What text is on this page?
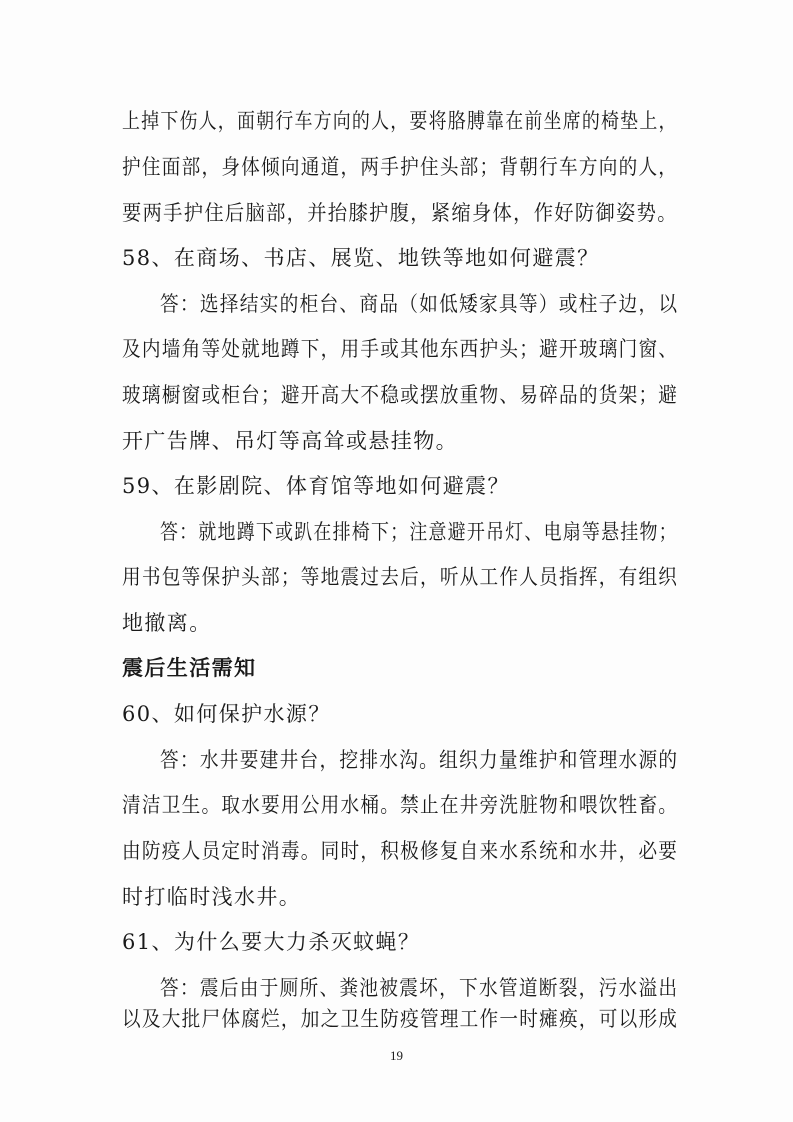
上掉下伤人，面朝行车方向的人，要将胳膊靠在前坐席的椅垫上，
护住面部，身体倾向通道，两手护住头部；背朝行车方向的人，
要两手护住后脑部，并抬膝护腹，紧缩身体，作好防御姿势。
58、在商场、书店、展览、地铁等地如何避震？
答：选择结实的柜台、商品（如低矮家具等）或柱子边，以
及内墙角等处就地蹲下，用手或其他东西护头；避开玻璃门窗、
玻璃橱窗或柜台；避开高大不稳或摆放重物、易碎品的货架；避
开广告牌、吊灯等高耸或悬挂物。
59、在影剧院、体育馆等地如何避震？
答：就地蹲下或趴在排椅下；注意避开吊灯、电扇等悬挂物；
用书包等保护头部；等地震过去后，听从工作人员指挥，有组织
地撤离。
震后生活需知
60、如何保护水源？
答：水井要建井台，挖排水沟。组织力量维护和管理水源的
清洁卫生。取水要用公用水桶。禁止在井旁洗脏物和喂饮牲畜。
由防疫人员定时消毒。同时，积极修复自来水系统和水井，必要
时打临时浅水井。
61、为什么要大力杀灭蚊蝇？
答：震后由于厕所、粪池被震坏，下水管道断裂，污水溢出
以及大批尸体腐烂，加之卫生防疫管理工作一时瘫痪，可以形成
19
